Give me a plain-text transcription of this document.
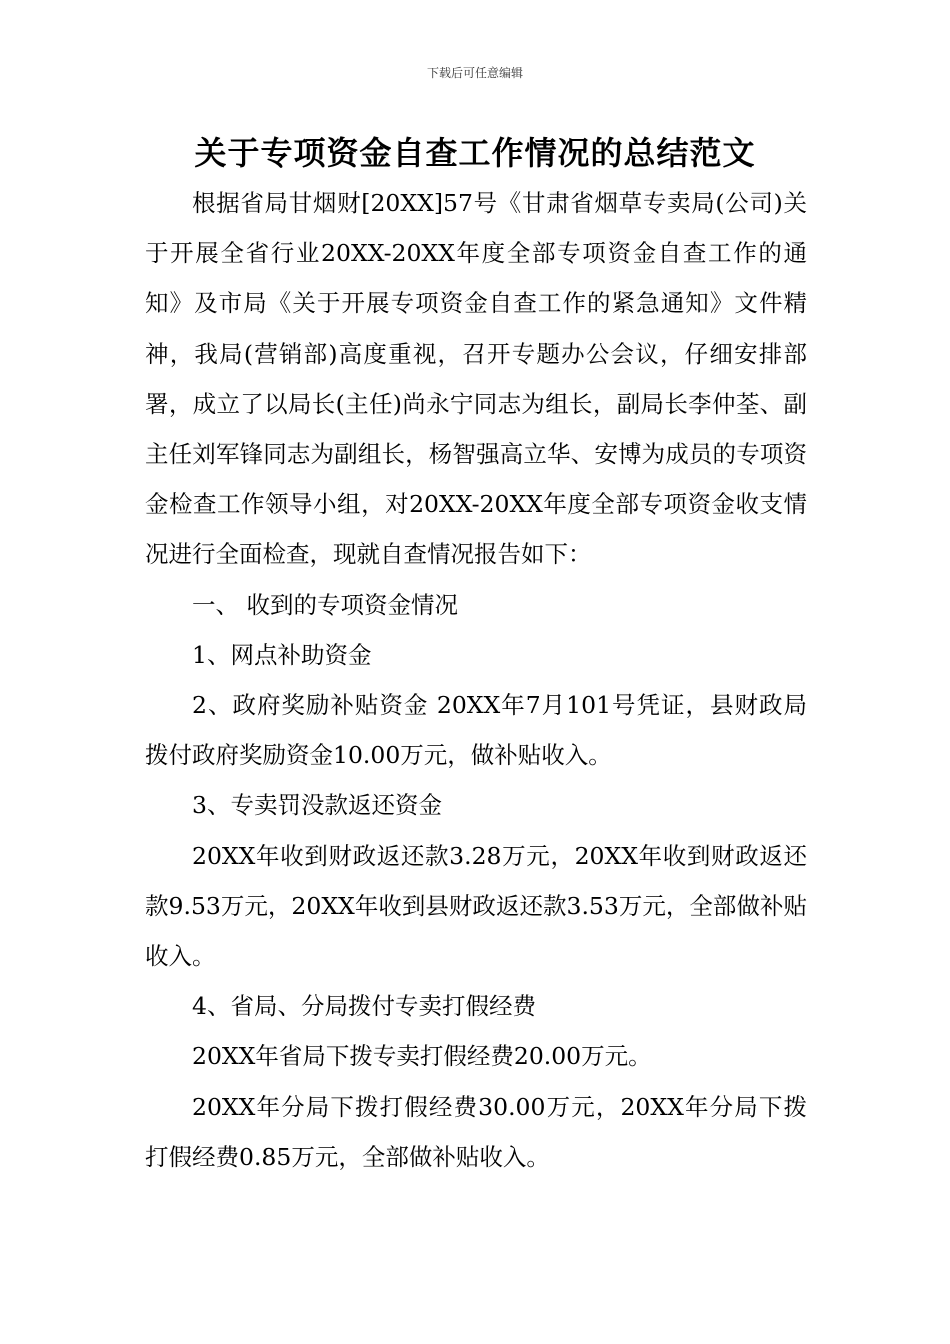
下载后可任意编辑
关于专项资金自查工作情况的总结范文

根据省局甘烟财[20XX]57号《甘肃省烟草专卖局(公司)关于开展全省行业20XX-20XX年度全部专项资金自查工作的通知》及市局《关于开展专项资金自查工作的紧急通知》文件精神，我局(营销部)高度重视，召开专题办公会议，仔细安排部署，成立了以局长(主任)尚永宁同志为组长，副局长李仲荃、副主任刘军锋同志为副组长，杨智强高立华、安博为成员的专项资金检查工作领导小组，对20XX-20XX年度全部专项资金收支情况进行全面检查，现就自查情况报告如下：

一、 收到的专项资金情况

1、网点补助资金

2、政府奖励补贴资金 20XX年7月101号凭证，县财政局拨付政府奖励资金10.00万元，做补贴收入。

3、专卖罚没款返还资金

20XX年收到财政返还款3.28万元，20XX年收到财政返还款9.53万元，20XX年收到县财政返还款3.53万元，全部做补贴收入。

4、省局、分局拨付专卖打假经费

20XX年省局下拨专卖打假经费20.00万元。

20XX年分局下拨打假经费30.00万元，20XX年分局下拨打假经费0.85万元，全部做补贴收入。
